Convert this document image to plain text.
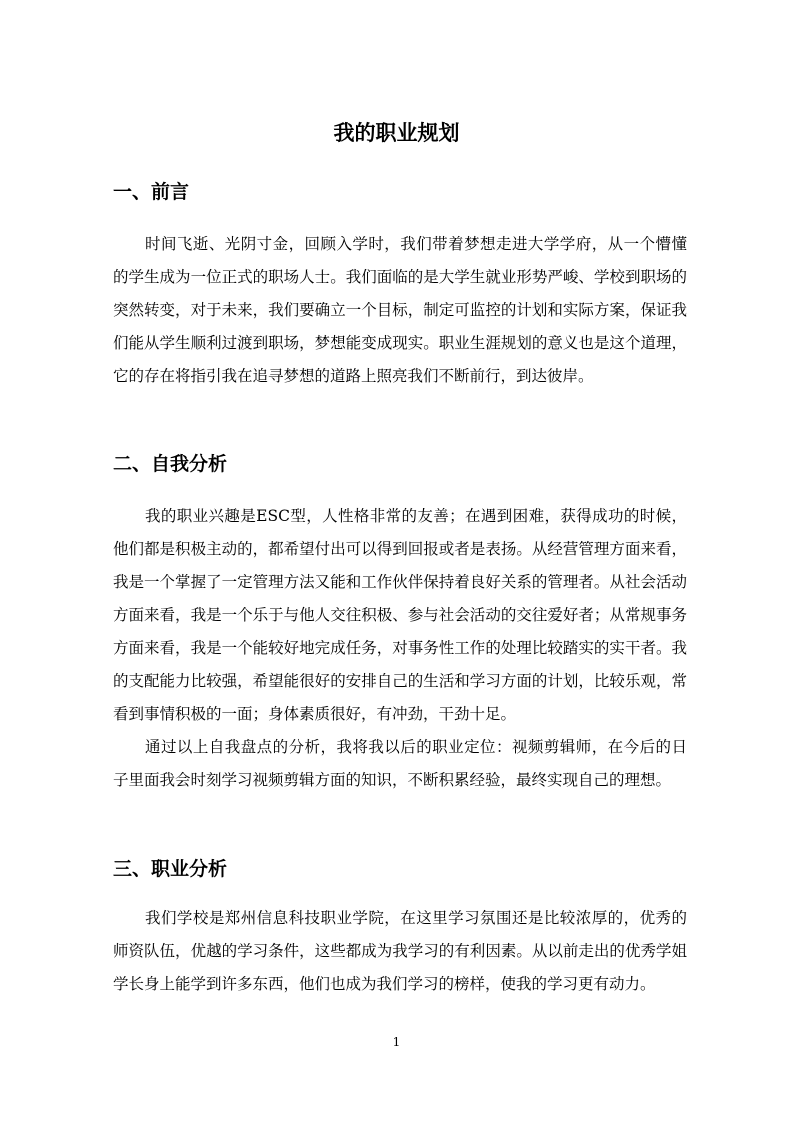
我的职业规划
一、前言

时间飞逝、光阴寸金，回顾入学时，我们带着梦想走进大学学府，从一个懵懂的学生成为一位正式的职场人士。我们面临的是大学生就业形势严峻、学校到职场的突然转变，对于未来，我们要确立一个目标，制定可监控的计划和实际方案，保证我们能从学生顺利过渡到职场，梦想能变成现实。职业生涯规划的意义也是这个道理，它的存在将指引我在追寻梦想的道路上照亮我们不断前行，到达彼岸。

二、自我分析

我的职业兴趣是ESC型，人性格非常的友善；在遇到困难，获得成功的时候，他们都是积极主动的，都希望付出可以得到回报或者是表扬。从经营管理方面来看，我是一个掌握了一定管理方法又能和工作伙伴保持着良好关系的管理者。从社会活动方面来看，我是一个乐于与他人交往积极、参与社会活动的交往爱好者；从常规事务方面来看，我是一个能较好地完成任务，对事务性工作的处理比较踏实的实干者。我的支配能力比较强，希望能很好的安排自己的生活和学习方面的计划，比较乐观，常看到事情积极的一面；身体素质很好，有冲劲，干劲十足。

通过以上自我盘点的分析，我将我以后的职业定位：视频剪辑师，在今后的日子里面我会时刻学习视频剪辑方面的知识，不断积累经验，最终实现自己的理想。

三、职业分析

我们学校是郑州信息科技职业学院，在这里学习氛围还是比较浓厚的，优秀的师资队伍，优越的学习条件，这些都成为我学习的有利因素。从以前走出的优秀学姐学长身上能学到许多东西，他们也成为我们学习的榜样，使我的学习更有动力。

1
